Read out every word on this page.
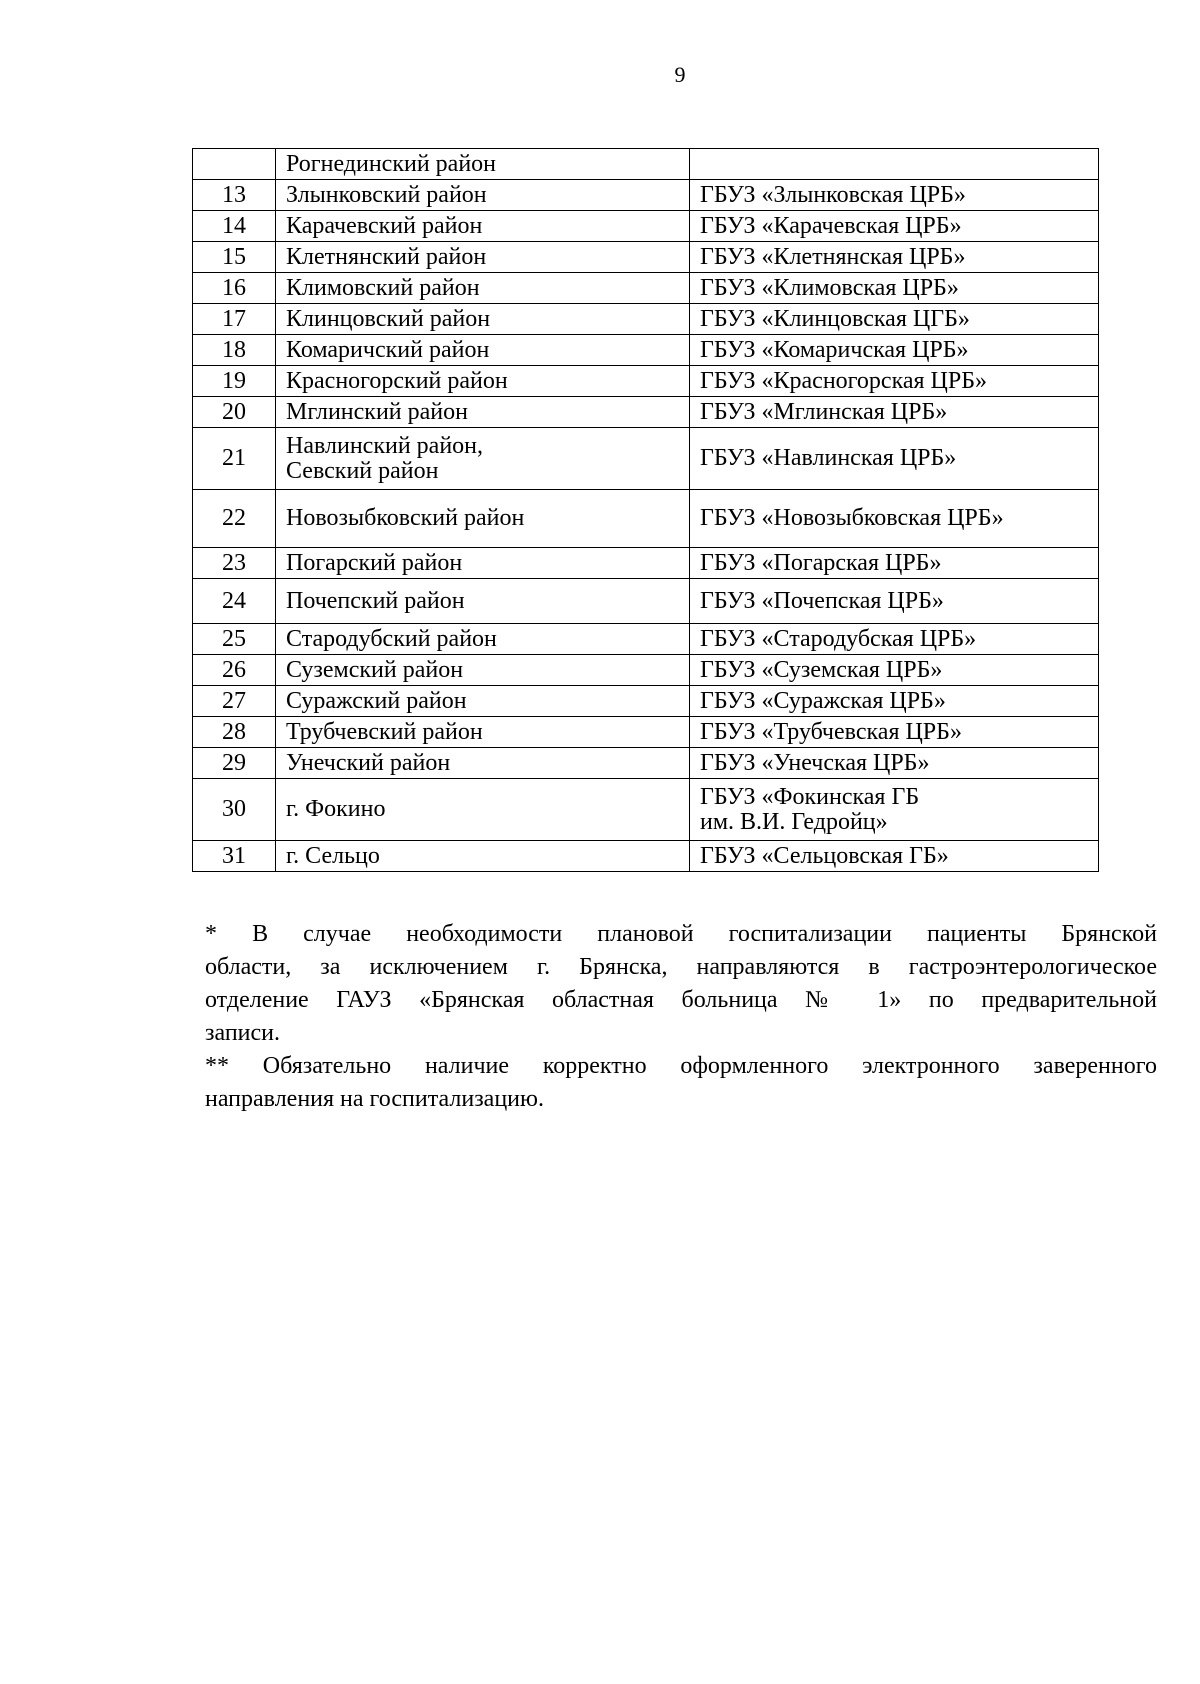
9

	Рогнединский район	

13	Злынковский район	ГБУЗ «Злынковская ЦРБ»

14	Карачевский район	ГБУЗ «Карачевская ЦРБ»

15	Клетнянский район	ГБУЗ «Клетнянская ЦРБ»

16	Климовский район	ГБУЗ «Климовская ЦРБ»

17	Клинцовский район	ГБУЗ «Клинцовская ЦГБ»

18	Комаричский район	ГБУЗ «Комаричская ЦРБ»

19	Красногорский район	ГБУЗ «Красногорская ЦРБ»

20	Мглинский район	ГБУЗ «Мглинская ЦРБ»

21	Навлинский район,
Севский район	ГБУЗ «Навлинская ЦРБ»

22	Новозыбковский район	ГБУЗ «Новозыбковская ЦРБ»

23	Погарский район	ГБУЗ «Погарская ЦРБ»

24	Почепский район	ГБУЗ «Почепская ЦРБ»

25	Стародубский район	ГБУЗ «Стародубская ЦРБ»

26	Суземский район	ГБУЗ «Суземская ЦРБ»

27	Суражский район	ГБУЗ «Суражская ЦРБ»

28	Трубчевский район	ГБУЗ «Трубчевская ЦРБ»

29	Унечский район	ГБУЗ «Унечская ЦРБ»

30	г. Фокино	ГБУЗ «Фокинская ГБ
им. В.И. Гедройц»

31	г. Сельцо	ГБУЗ «Сельцовская ГБ»

* В случае необходимости плановой госпитализации пациенты Брянской
области, за исключением г. Брянска, направляются в гастроэнтерологическое
отделение ГАУЗ «Брянская областная больница № 1» по предварительной
записи.

** Обязательно наличие корректно оформленного электронного заверенного
направления на госпитализацию.
